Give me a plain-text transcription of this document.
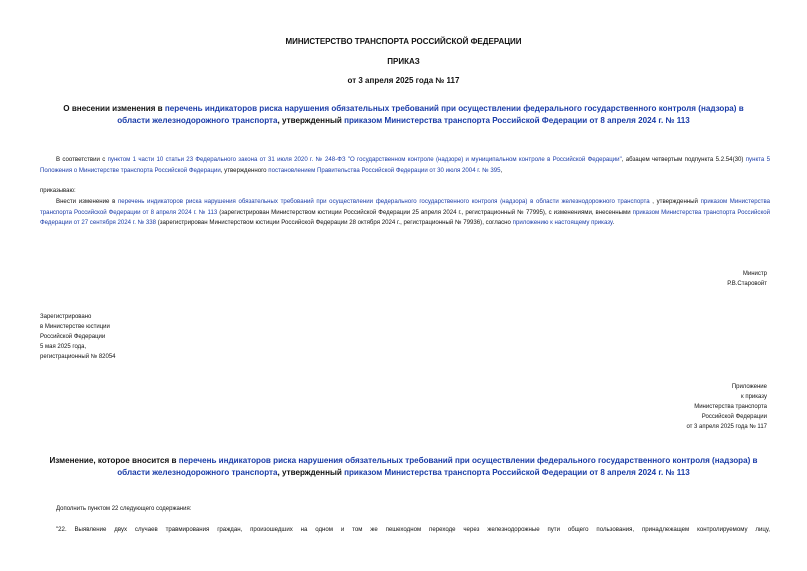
МИНИСТЕРСТВО ТРАНСПОРТА РОССИЙСКОЙ ФЕДЕРАЦИИ
ПРИКАЗ
от 3 апреля 2025 года № 117
О внесении изменения в перечень индикаторов риска нарушения обязательных требований при осуществлении федерального государственного контроля (надзора) в области железнодорожного транспорта, утвержденный приказом Министерства транспорта Российской Федерации от 8 апреля 2024 г. № 113
В соответствии с пунктом 1 части 10 статьи 23 Федерального закона от 31 июля 2020 г. № 248-ФЗ "О государственном контроле (надзоре) и муниципальном контроле в Российской Федерации", абзацем четвертым подпункта 5.2.54(30) пункта 5 Положения о Министерстве транспорта Российской Федерации, утвержденного постановлением Правительства Российской Федерации от 30 июля 2004 г. № 395,
приказываю:
Внести изменение в перечень индикаторов риска нарушения обязательных требований при осуществлении федерального государственного контроля (надзора) в области железнодорожного транспорта , утвержденный приказом Министерства транспорта Российской Федерации от 8 апреля 2024 г. № 113 (зарегистрирован Министерством юстиции Российской Федерации 25 апреля 2024 г., регистрационный № 77995), с изменениями, внесенными приказом Министерства транспорта Российской Федерации от 27 сентября 2024 г. № 338 (зарегистрирован Министерством юстиции Российской Федерации 28 октября 2024 г., регистрационный № 79936), согласно приложению к настоящему приказу.
Министр
Р.В.Старовойт
Зарегистрировано
в Министерстве юстиции
Российской Федерации
5 мая 2025 года,
регистрационный № 82054
Приложение
к приказу
Министерства транспорта
Российской Федерации
от 3 апреля 2025 года № 117
Изменение, которое вносится в перечень индикаторов риска нарушения обязательных требований при осуществлении федерального государственного контроля (надзора) в области железнодорожного транспорта, утвержденный приказом Министерства транспорта Российской Федерации от 8 апреля 2024 г. № 113
Дополнить пунктом 22 следующего содержания:
"22. Выявление двух случаев травмирования граждан, произошедших на одном и том же пешеходном переходе через железнодорожные пути общего пользования, принадлежащем контролируемому лицу,
